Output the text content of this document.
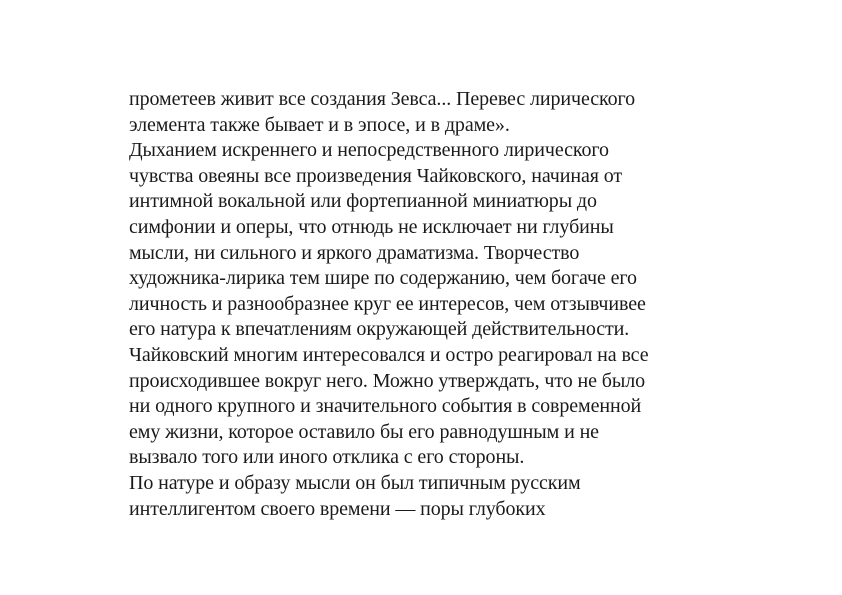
прометеев живит все создания Зевса... Перевес лирического
элемента также бывает и в эпосе, и в драме».
Дыханием искреннего и непосредственного лирического
чувства овеяны все произведения Чайковского, начиная от
интимной вокальной или фортепианной миниатюры до
симфонии и оперы, что отнюдь не исключает ни глубины
мысли, ни сильного и яркого драматизма. Творчество
художника-лирика тем шире по содержанию, чем богаче его
личность и разнообразнее круг ее интересов, чем отзывчивее
его натура к впечатлениям окружающей действительности.
Чайковский многим интересовался и остро реагировал на все
происходившее вокруг него. Можно утверждать, что не было
ни одного крупного и значительного события в современной
ему жизни, которое оставило бы его равнодушным и не
вызвало того или иного отклика с его стороны.
По натуре и образу мысли он был типичным русским
интеллигентом своего времени — поры глубоких
